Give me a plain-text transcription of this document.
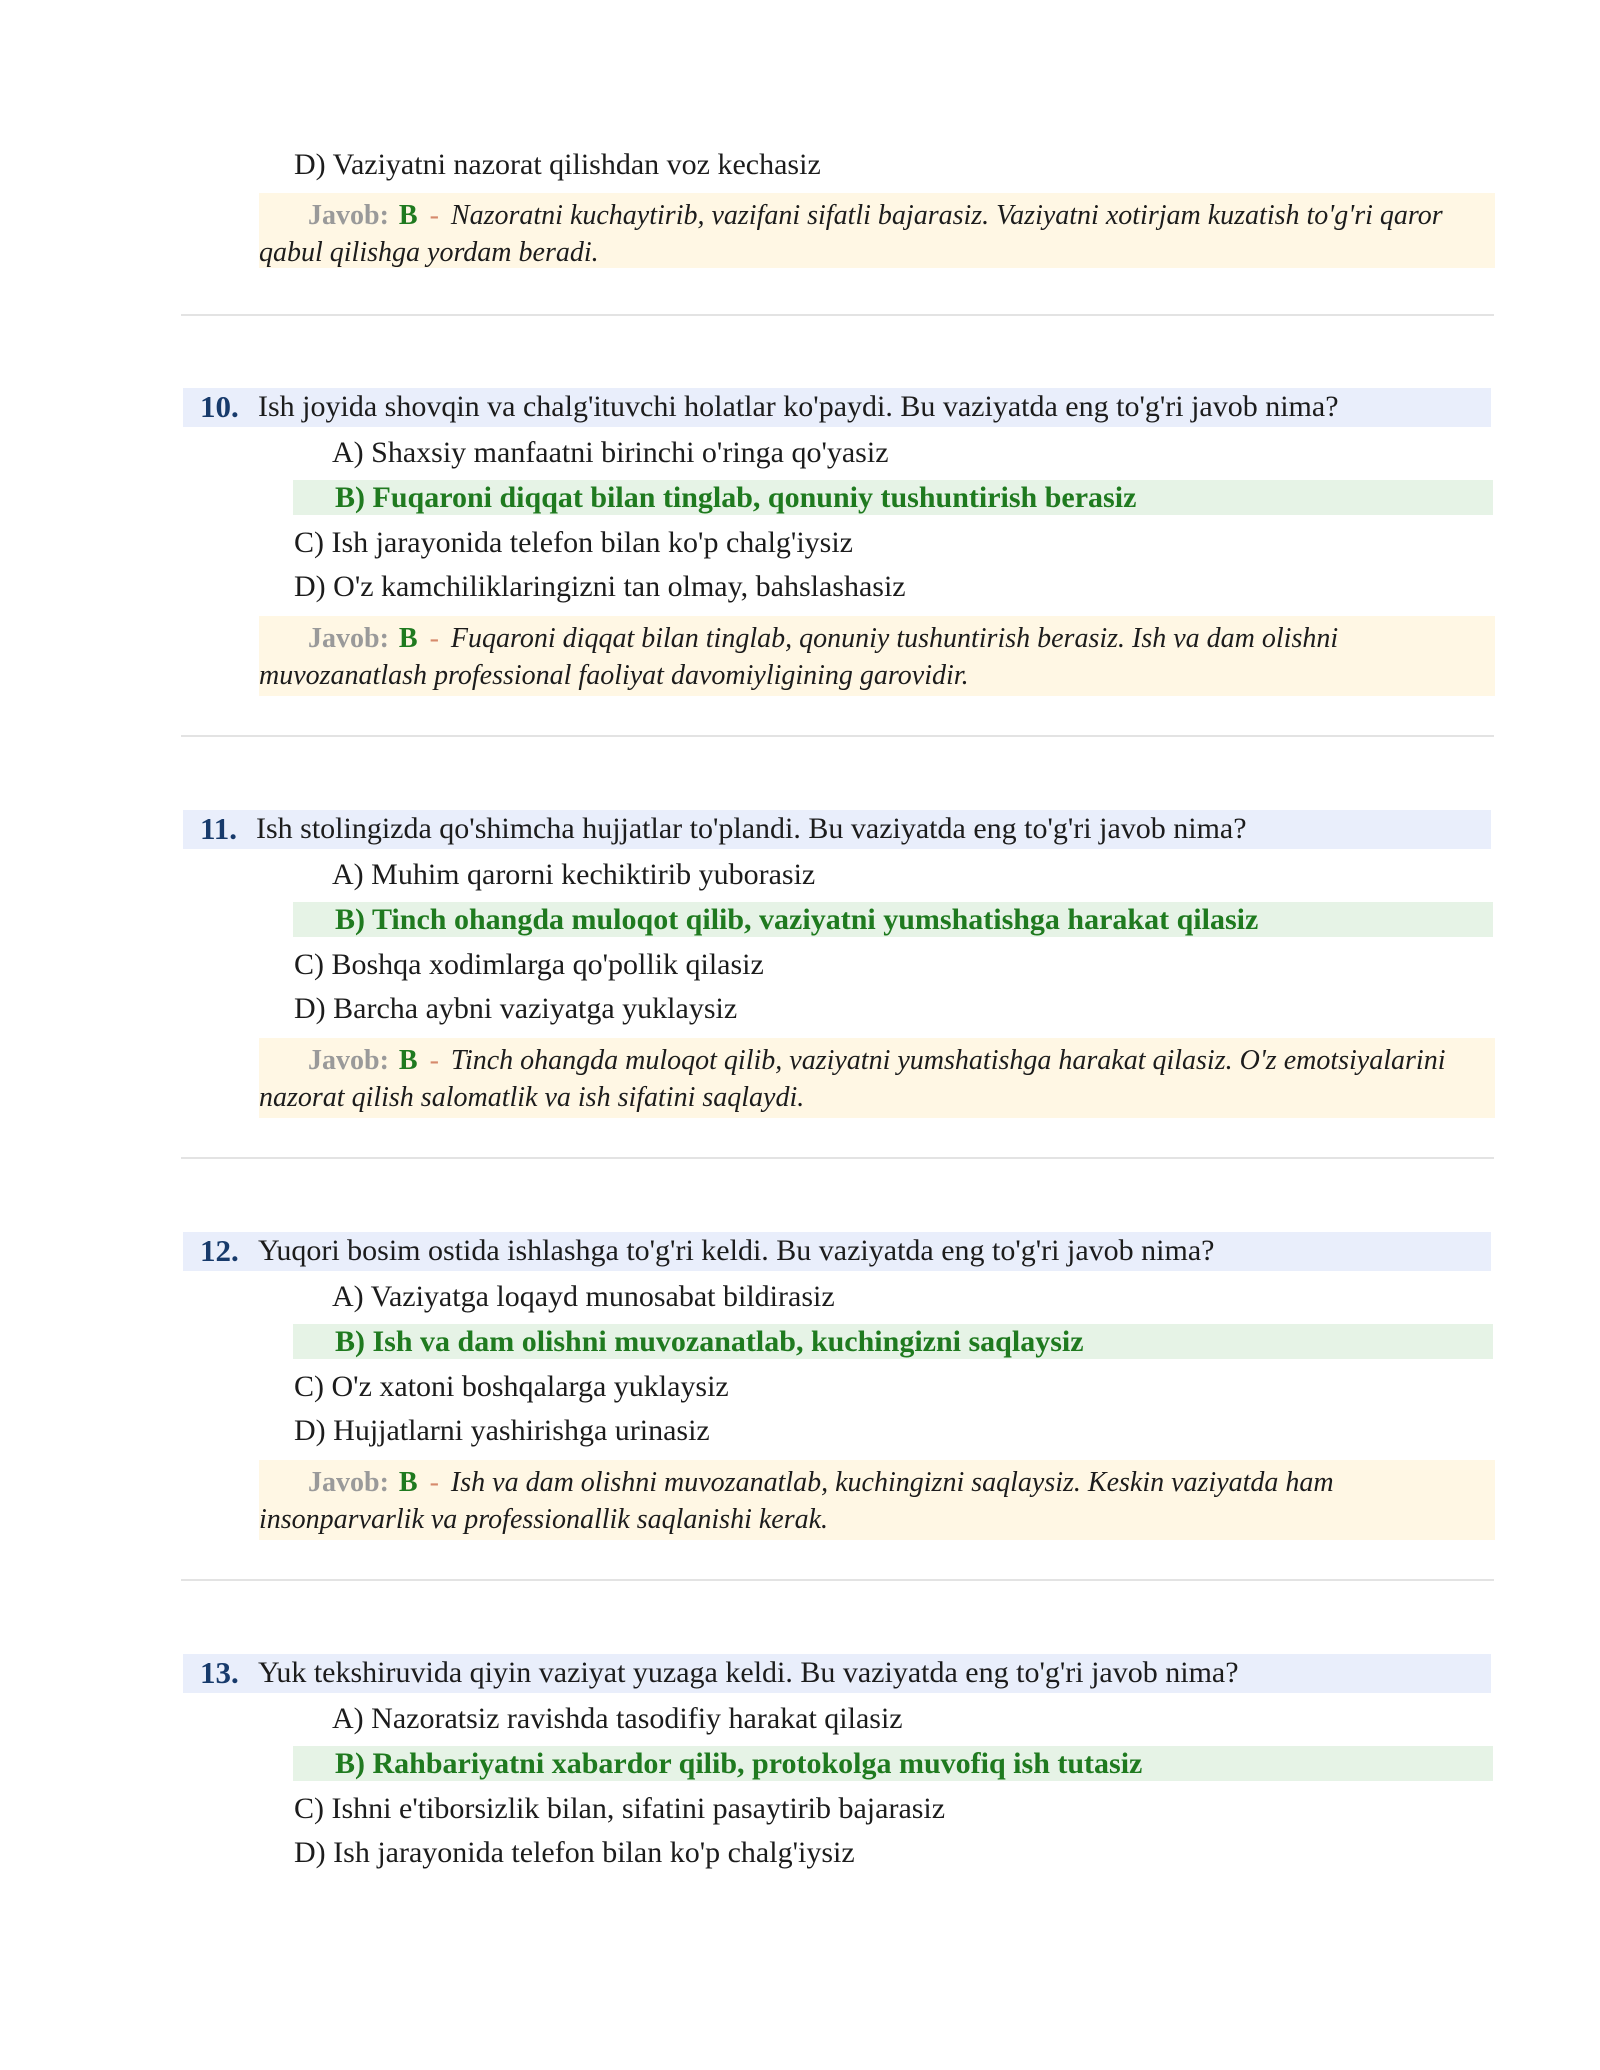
D) Vaziyatni nazorat qilishdan voz kechasiz
Javob: B - Nazoratni kuchaytirib, vazifani sifatli bajarasiz. Vaziyatni xotirjam kuzatish to'g'ri qaror qabul qilishga yordam beradi.
10. Ish joyida shovqin va chalg'ituvchi holatlar ko'paydi. Bu vaziyatda eng to'g'ri javob nima?
A) Shaxsiy manfaatni birinchi o'ringa qo'yasiz
B) Fuqaroni diqqat bilan tinglab, qonuniy tushuntirish berasiz
C) Ish jarayonida telefon bilan ko'p chalg'iysiz
D) O'z kamchiliklaringizni tan olmay, bahslashasiz
Javob: B - Fuqaroni diqqat bilan tinglab, qonuniy tushuntirish berasiz. Ish va dam olishni muvozanatlash professional faoliyat davomiyligining garovidir.
11. Ish stolingizda qo'shimcha hujjatlar to'plandi. Bu vaziyatda eng to'g'ri javob nima?
A) Muhim qarorni kechiktirib yuborasiz
B) Tinch ohangda muloqot qilib, vaziyatni yumshatishga harakat qilasiz
C) Boshqa xodimlarga qo'pollik qilasiz
D) Barcha aybni vaziyatga yuklaysiz
Javob: B - Tinch ohangda muloqot qilib, vaziyatni yumshatishga harakat qilasiz. O'z emotsiyalarini nazorat qilish salomatlik va ish sifatini saqlaydi.
12. Yuqori bosim ostida ishlashga to'g'ri keldi. Bu vaziyatda eng to'g'ri javob nima?
A) Vaziyatga loqayd munosabat bildirasiz
B) Ish va dam olishni muvozanatlab, kuchingizni saqlaysiz
C) O'z xatoni boshqalarga yuklaysiz
D) Hujjatlarni yashirishga urinasiz
Javob: B - Ish va dam olishni muvozanatlab, kuchingizni saqlaysiz. Keskin vaziyatda ham insonparvarlik va professionallik saqlanishi kerak.
13. Yuk tekshiruvida qiyin vaziyat yuzaga keldi. Bu vaziyatda eng to'g'ri javob nima?
A) Nazoratsiz ravishda tasodifiy harakat qilasiz
B) Rahbariyatni xabardor qilib, protokolga muvofiq ish tutasiz
C) Ishni e'tiborsizlik bilan, sifatini pasaytirib bajarasiz
D) Ish jarayonida telefon bilan ko'p chalg'iysiz
